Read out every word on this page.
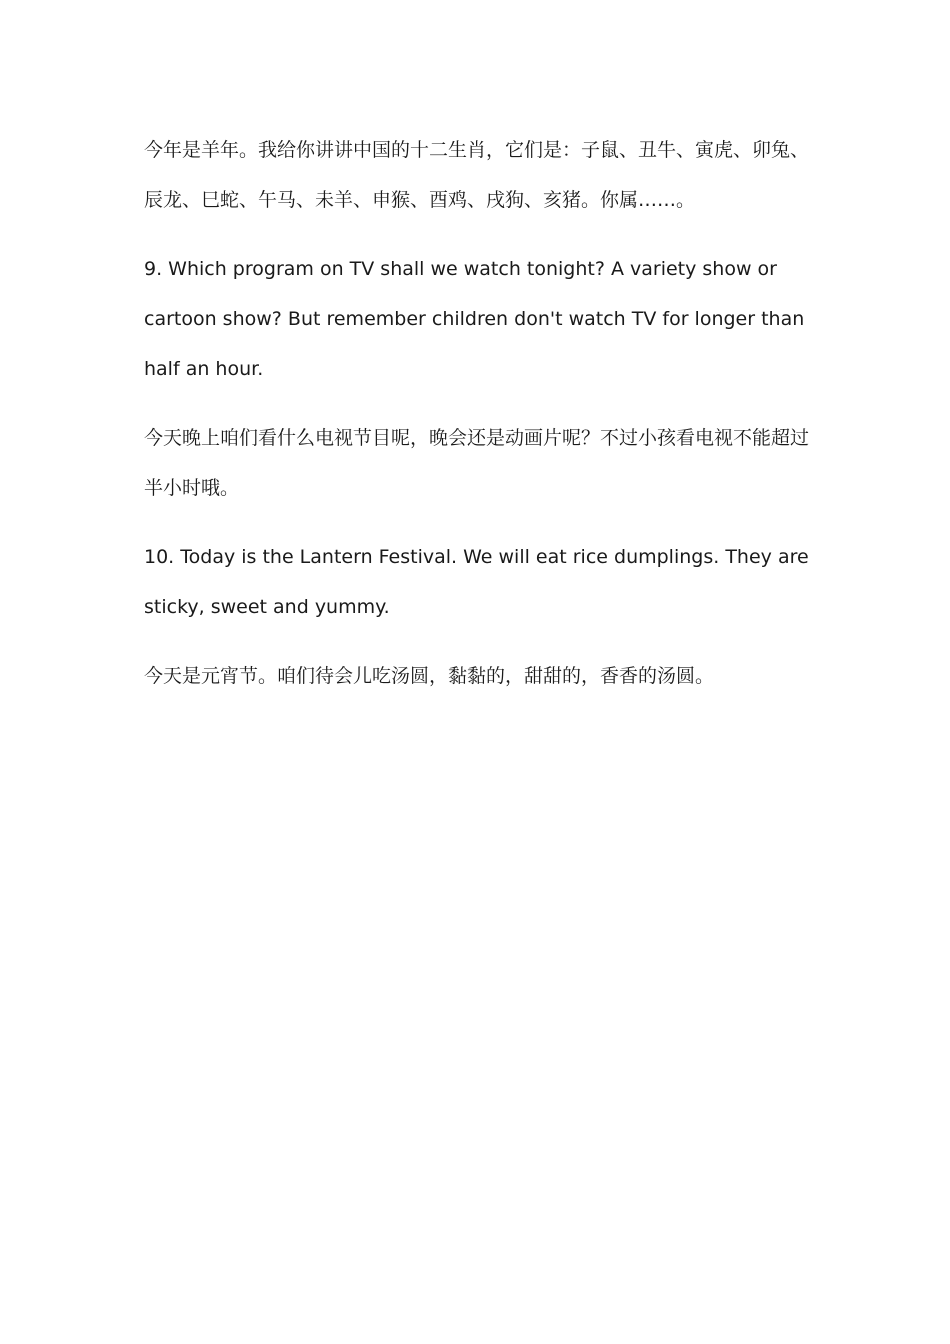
今年是羊年。我给你讲讲中国的十二生肖，它们是：子鼠、丑牛、寅虎、卯兔、辰龙、巳蛇、午马、未羊、申猴、酉鸡、戌狗、亥猪。你属……。

9. Which program on TV shall we watch tonight? A variety show or cartoon show? But remember children don't watch TV for longer than half an hour.

今天晚上咱们看什么电视节目呢，晚会还是动画片呢？不过小孩看电视不能超过半小时哦。

10. Today is the Lantern Festival. We will eat rice dumplings. They are sticky, sweet and yummy.

今天是元宵节。咱们待会儿吃汤圆，黏黏的，甜甜的，香香的汤圆。
